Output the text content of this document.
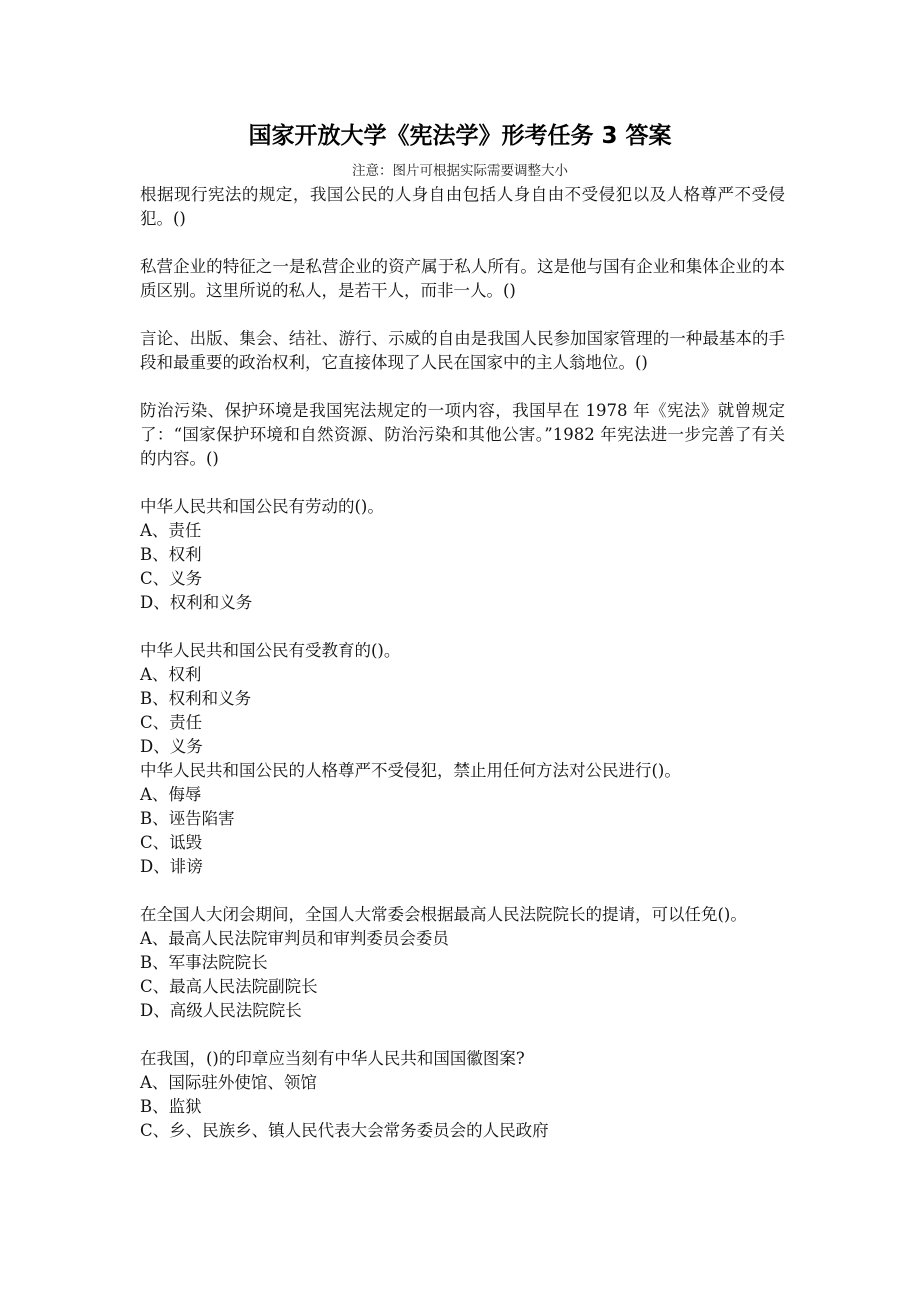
国家开放大学《宪法学》形考任务 3 答案
注意：图片可根据实际需要调整大小

根据现行宪法的规定，我国公民的人身自由包括人身自由不受侵犯以及人格尊严不受侵犯。()

私营企业的特征之一是私营企业的资产属于私人所有。这是他与国有企业和集体企业的本质区别。这里所说的私人，是若干人，而非一人。()

言论、出版、集会、结社、游行、示威的自由是我国人民参加国家管理的一种最基本的手段和最重要的政治权利，它直接体现了人民在国家中的主人翁地位。()

防治污染、保护环境是我国宪法规定的一项内容，我国早在 1978 年《宪法》就曾规定了：“国家保护环境和自然资源、防治污染和其他公害。”1982 年宪法进一步完善了有关的内容。()

中华人民共和国公民有劳动的()。

A、责任
B、权利
C、义务
D、权利和义务

中华人民共和国公民有受教育的()。

A、权利
B、权利和义务
C、责任
D、义务

中华人民共和国公民的人格尊严不受侵犯，禁止用任何方法对公民进行()。

A、侮辱
B、诬告陷害
C、诋毁
D、诽谤

在全国人大闭会期间，全国人大常委会根据最高人民法院院长的提请，可以任免()。

A、最高人民法院审判员和审判委员会委员
B、军事法院院长
C、最高人民法院副院长
D、高级人民法院院长

在我国，()的印章应当刻有中华人民共和国国徽图案?

A、国际驻外使馆、领馆
B、监狱
C、乡、民族乡、镇人民代表大会常务委员会的人民政府
